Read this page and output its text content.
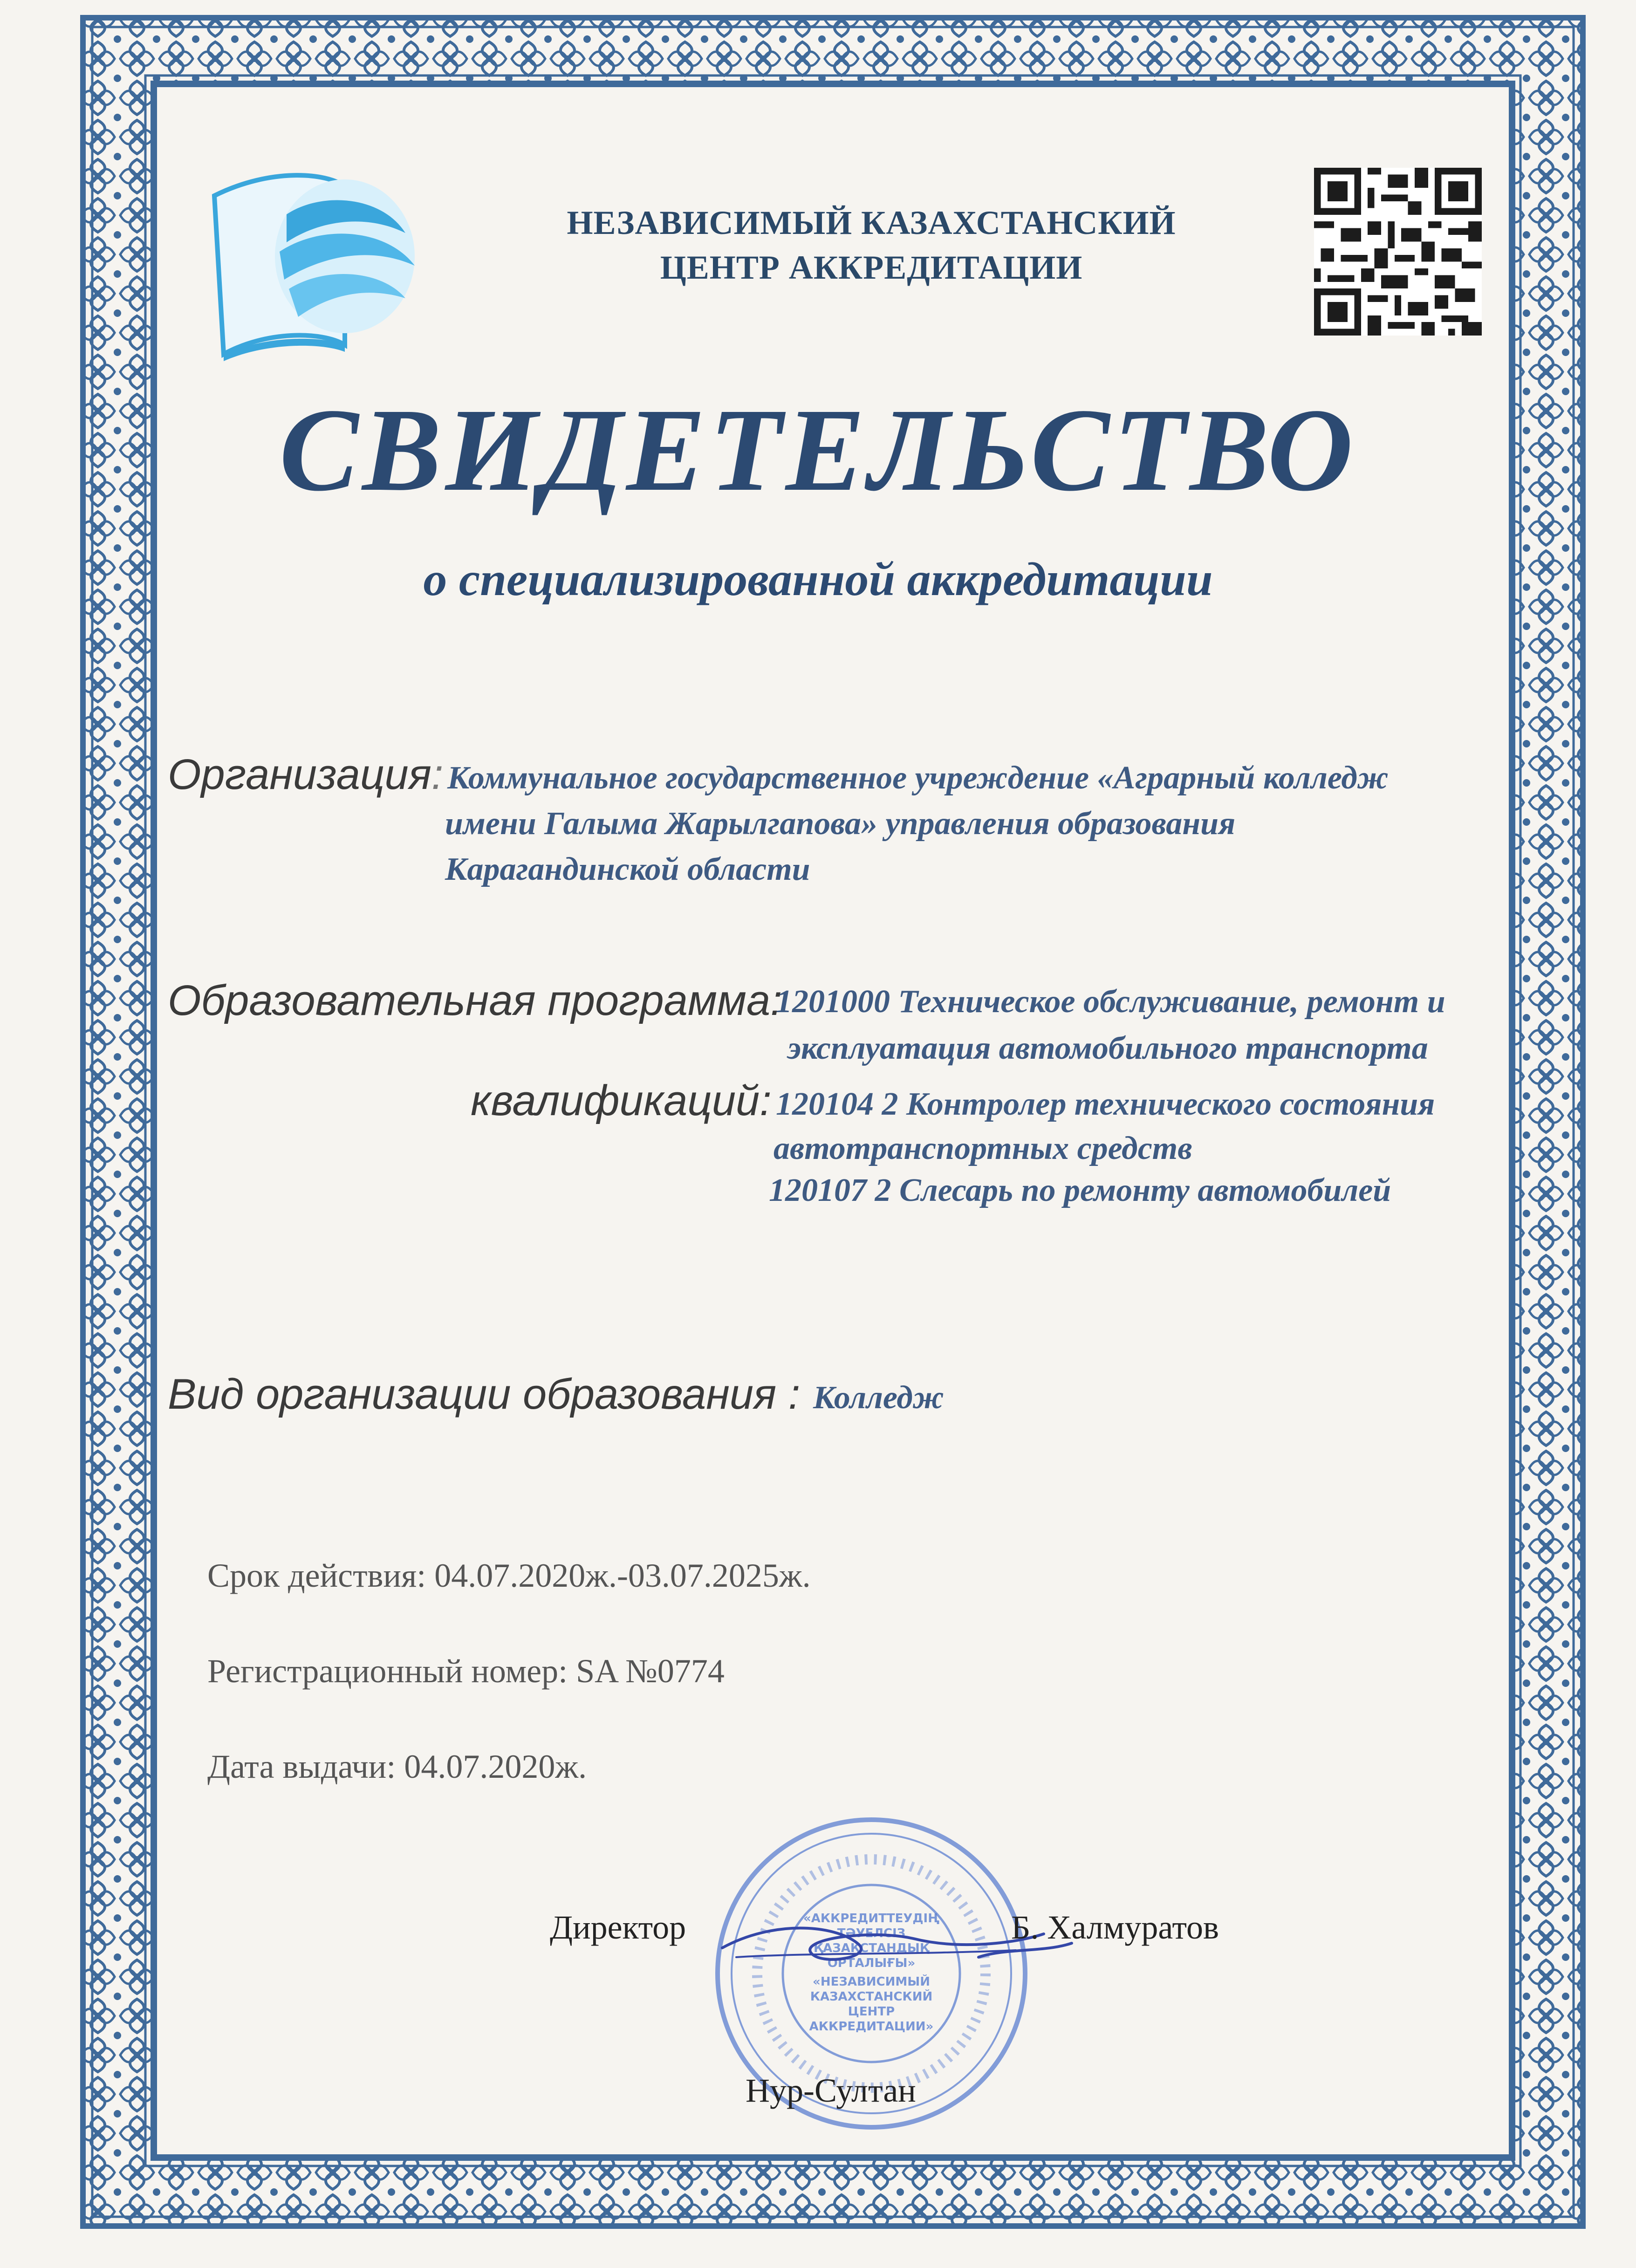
НЕЗАВИСИМЫЙ КАЗАХСТАНСКИЙ
ЦЕНТР АККРЕДИТАЦИИ
СВИДЕТЕЛЬСТВО
о специализированной аккредитации
Организация: Коммунальное государственное учреждение «Аграрный колледж
имени Галыма Жарылгапова» управления образования
Карагандинской области
Образовательная программа:
1201000 Техническое обслуживание, ремонт и
эксплуатация автомобильного транспорта
квалификаций: 120104 2 Контролер технического состояния
автотранспортных средств
120107 2 Слесарь по ремонту автомобилей
Вид организации образования : Колледж
Срок действия: 04.07.2020ж.-03.07.2025ж.
Регистрационный номер: SA №0774
Дата выдачи: 04.07.2020ж.
«АККРЕДИТТЕУДІҢ
ТӘУЕЛСІЗ
ҚАЗАҚСТАНДЫҚ
ОРТАЛЫҒЫ»
«НЕЗАВИСИМЫЙ
КАЗАХСТАНСКИЙ
ЦЕНТР
АККРЕДИТАЦИИ»
Директор	Б. Халмуратов
Нур-Султан
